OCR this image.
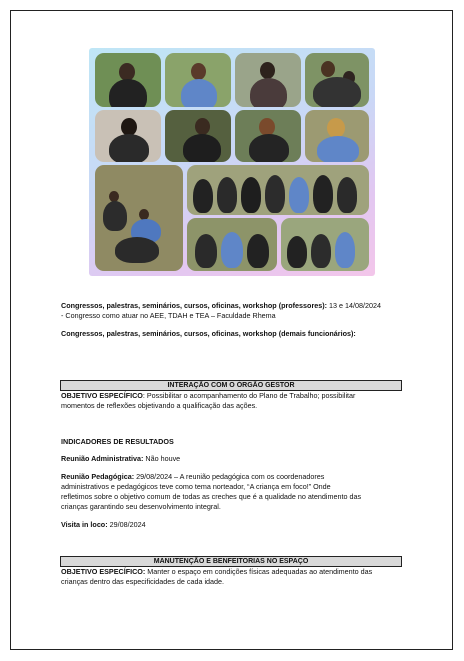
Congressos, palestras, seminários, cursos, oficinas, workshop (professores): 13 e 14/08/2024
- Congresso como atuar no AEE, TDAH e TEA – Faculdade Rhema
Congressos, palestras, seminários, cursos, oficinas, workshop (demais funcionários):
INTERAÇÃO COM O ÓRGÃO GESTOR
OBJETIVO ESPECÍFICO: Possibilitar o acompanhamento do Plano de Trabalho; possibilitar
momentos de reflexões objetivando a qualificação das ações.
INDICADORES DE RESULTADOS
Reunião Administrativa: Não houve
Reunião Pedagógica: 29/08/2024 – A reunião pedagógica com os coordenadores
administrativos e pedagógicos teve como tema norteador, “A criança em foco!” Onde
refletimos sobre o objetivo comum de todas as creches que é a qualidade no atendimento das
crianças garantindo seu desenvolvimento integral.
Visita in loco: 29/08/2024
MANUTENÇÃO E BENFEITORIAS NO ESPAÇO
OBJETIVO ESPECÍFICO: Manter o espaço em condições físicas adequadas ao atendimento das
crianças dentro das especificidades de cada idade.
